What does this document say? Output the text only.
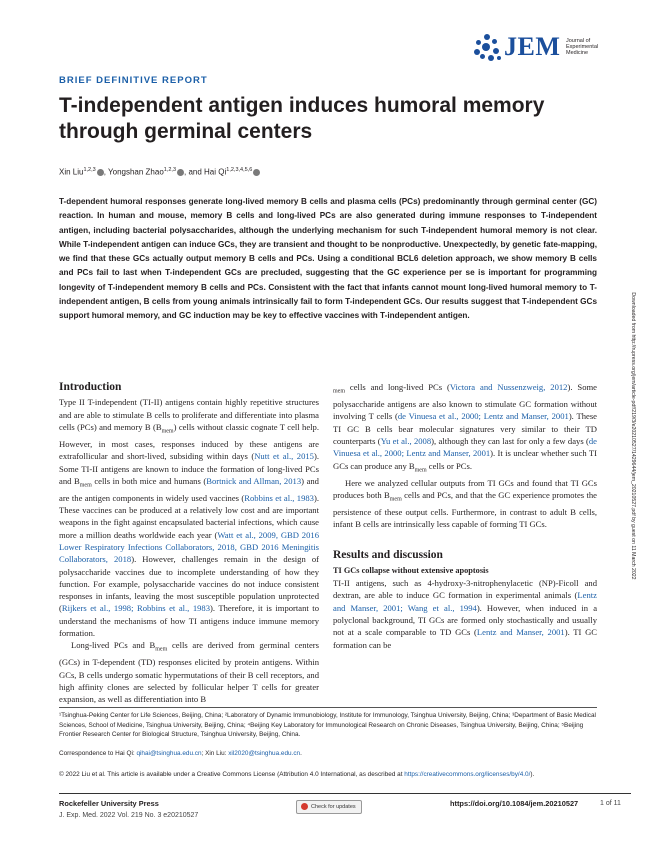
JEM Journal of
Experimental
Medicine
BRIEF DEFINITIVE REPORT
T-independent antigen induces humoral memory through germinal centers
Xin Liu$^{1,2,3}$ , Yongshan Zhao$^{1,2,3}$ , and Hai Qi$^{1,2,3,4,5,6}$
T-dependent humoral responses generate long-lived memory B cells and plasma cells (PCs) predominantly through germinal center (GC) reaction. In human and mouse, memory B cells and long-lived PCs are also generated during immune responses to T-independent antigen, including bacterial polysaccharides, although the underlying mechanism for such T-independent humoral memory is not clear. While T-independent antigen can induce GCs, they are transient and thought to be nonproductive. Unexpectedly, by genetic fate-mapping, we find that these GCs actually output memory B cells and PCs. Using a conditional BCL6 deletion approach, we show memory B cells and PCs fail to last when T-independent GCs are precluded, suggesting that the GC experience per se is important for programming longevity of T-independent memory B cells and PCs. Consistent with the fact that infants cannot mount long-lived humoral memory to T-independent antigen, B cells from young animals intrinsically fail to form T-independent GCs. Our results suggest that T-independent GCs support humoral memory, and GC induction may be key to effective vaccines with T-independent antigen.	Downloaded from http://rupress.org/jem/article-pdf/219/3/e20210527/1429644/jem_20210527.pdf by guest on 11 March 2022
Introduction

Type II T-independent (TI-II) antigens contain highly repetitive structures and are able to stimulate B cells to proliferate and differentiate into plasma cells (PCs) and memory B $(B_{mem})$ cells without classic cognate T cell help. However, in most cases, responses induced by these antigens are extrafollicular and short-lived, subsiding within days (Nutt et al., 2015). Some TI-II antigens are known to induce the formation of long-lived PCs and $B_{mem}$ cells in both mice and humans (Bortnick and Allman, 2013) and are the antigen components in widely used vaccines (Robbins et al., 1983). These vaccines can be produced at a relatively low cost and are important weapons in the fight against encapsulated bacterial infections, which cause more a million deaths worldwide each year (Watt et al., 2009, GBD 2016 Lower Respiratory Infections Collaborators, 2018, GBD 2016 Meningitis Collaborators, 2018). However, challenges remain in the design of polysaccharide vaccines due to incomplete understanding of how they function. For example, polysaccharide vaccines do not induce consistent responses in infants, leaving the most susceptible population unprotected (Rijkers et al., 1998; Robbins et al., 1983). Therefore, it is important to understand the mechanisms of how TI antigens induce immune memory formation.

Long-lived PCs and $B_{mem}$ cells are derived from germinal centers (GCs) in T-dependent (TD) responses elicited by protein antigens. Within GCs, B cells undergo somatic hypermutations of their B cell receptors, and high affinity clones are selected by follicular helper T cells for greater expansion, as well as differentiation into B

$_{mem}$ cells and long-lived PCs (Victora and Nussenzweig, 2012). Some polysaccharide antigens are also known to stimulate GC formation without involving T cells (de Vinuesa et al., 2000; Lentz and Manser, 2001). These TI GC B cells bear molecular signatures very similar to their TD counterparts (Yu et al., 2008), although they can last for only a few days (de Vinuesa et al., 2000; Lentz and Manser, 2001). It is unclear whether such TI GCs can produce any $B_{mem}$ cells or PCs.

Here we analyzed cellular outputs from TI GCs and found that TI GCs produces both $B_{mem}$ cells and PCs, and that the GC experience promotes the persistence of these output cells. Furthermore, in contrast to adult B cells, infant B cells are intrinsically less capable of forming TI GCs.

Results and discussion
TI GCs collapse without extensive apoptosis

TI-II antigens, such as 4-hydroxy-3-nitrophenylacetic (NP)-Ficoll and dextran, are able to induce GC formation in experimental animals (Lentz and Manser, 2001; Wang et al., 1994). However, when induced in a polyclonal background, TI GCs are formed only stochastically and usually not at a scale comparable to TD GCs (Lentz and Manser, 2001). TI GC formation can be

¹Tsinghua-Peking Center for Life Sciences, Beijing, China; ²Laboratory of Dynamic Immunobiology, Institute for Immunology, Tsinghua University, Beijing, China; ³Department of Basic Medical Sciences, School of Medicine, Tsinghua University, Beijing, China; ⁴Beijing Key Laboratory for Immunological Research on Chronic Diseases, Tsinghua University, Beijing, China; ⁵Beijing Frontier Research Center for Biological Structure, Tsinghua University, Beijing, China.
Correspondence to Hai Qi: qihai@tsinghua.edu.cn; Xin Liu: xil2020@tsinghua.edu.cn.
© 2022 Liu et al. This article is available under a Creative Commons License (Attribution 4.0 International, as described at https://creativecommons.org/licenses/by/4.0/).
Rockefeller University Press
J. Exp. Med. 2022 Vol. 219 No. 3 e20210527
Check for updates	https://doi.org/10.1084/jem.20210527	1 of 11
